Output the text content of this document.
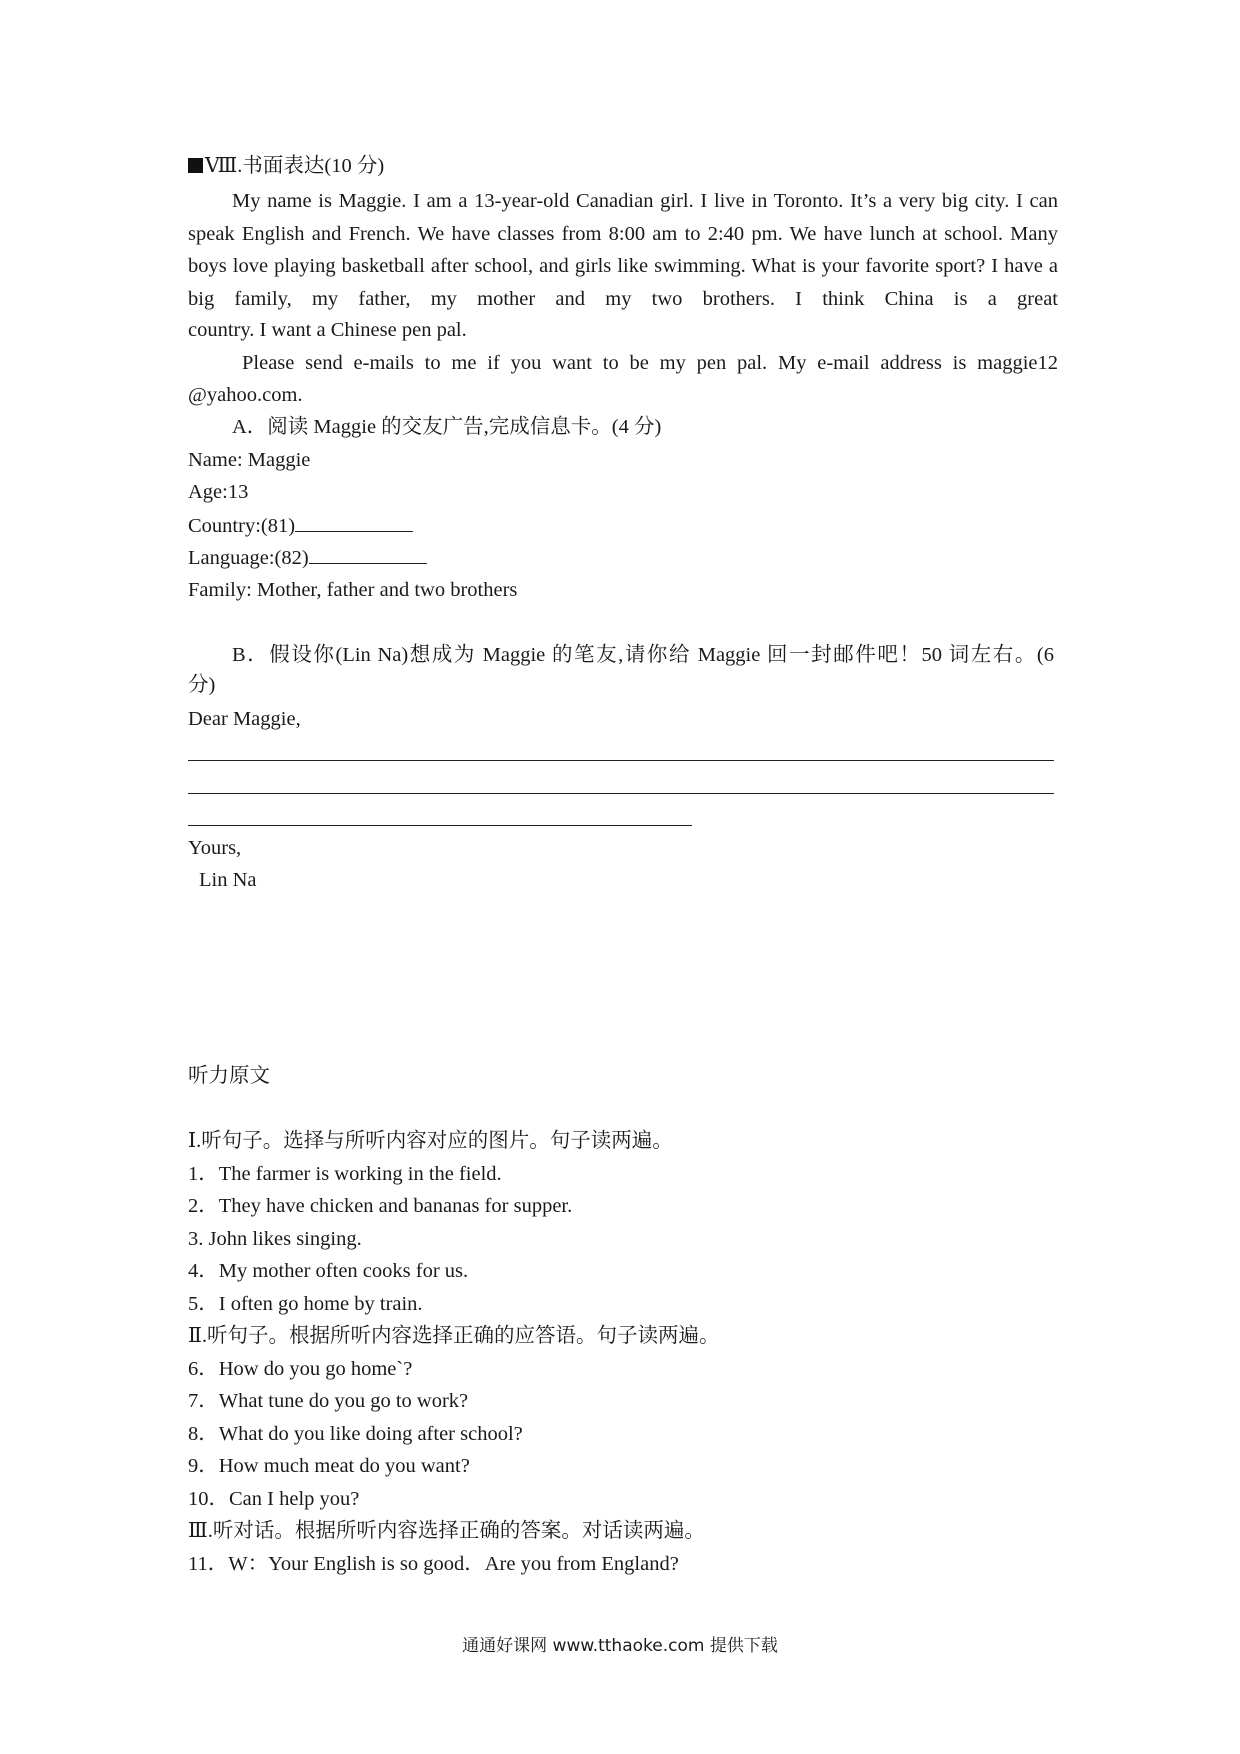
Ⅷ.书面表达(10 分)
My name is Maggie. I am a 13-year-old Canadian girl. I live in Toronto. It’s a very big city. I can speak English and French. We have classes from 8:00 am to 2:40 pm. We have lunch at school. Many boys love playing basketball after school, and girls like swimming. What is your favorite sport? I have a big family, my father, my mother and my two brothers. I think China is a great
country. I want a Chinese pen pal.
Please send e-mails to me if you want to be my pen pal. My e-mail address is maggie12
@yahoo.com.
A．阅读 Maggie 的交友广告,完成信息卡。(4 分)
Name: Maggie
Age:13
Country:(81)
Language:(82)
Family: Mother, father and two brothers
B．假设你(Lin Na)想成为 Maggie 的笔友,请你给 Maggie 回一封邮件吧！50 词左右。(6
分)
Dear Maggie,
Yours,
Lin Na
听力原文
Ⅰ.听句子。选择与所听内容对应的图片。句子读两遍。
1．The farmer is working in the field.
2．They have chicken and bananas for supper.
3. John likes singing.
4．My mother often cooks for us.
5．I often go home by train.
Ⅱ.听句子。根据所听内容选择正确的应答语。句子读两遍。
6．How do you go home`?
7．What tune do you go to work?
8．What do you like doing after school?
9．How much meat do you want?
10．Can I help you?
Ⅲ.听对话。根据所听内容选择正确的答案。对话读两遍。
11．W：Your English is so good．Are you from England?
通通好课网 www.tthaoke.com 提供下载
